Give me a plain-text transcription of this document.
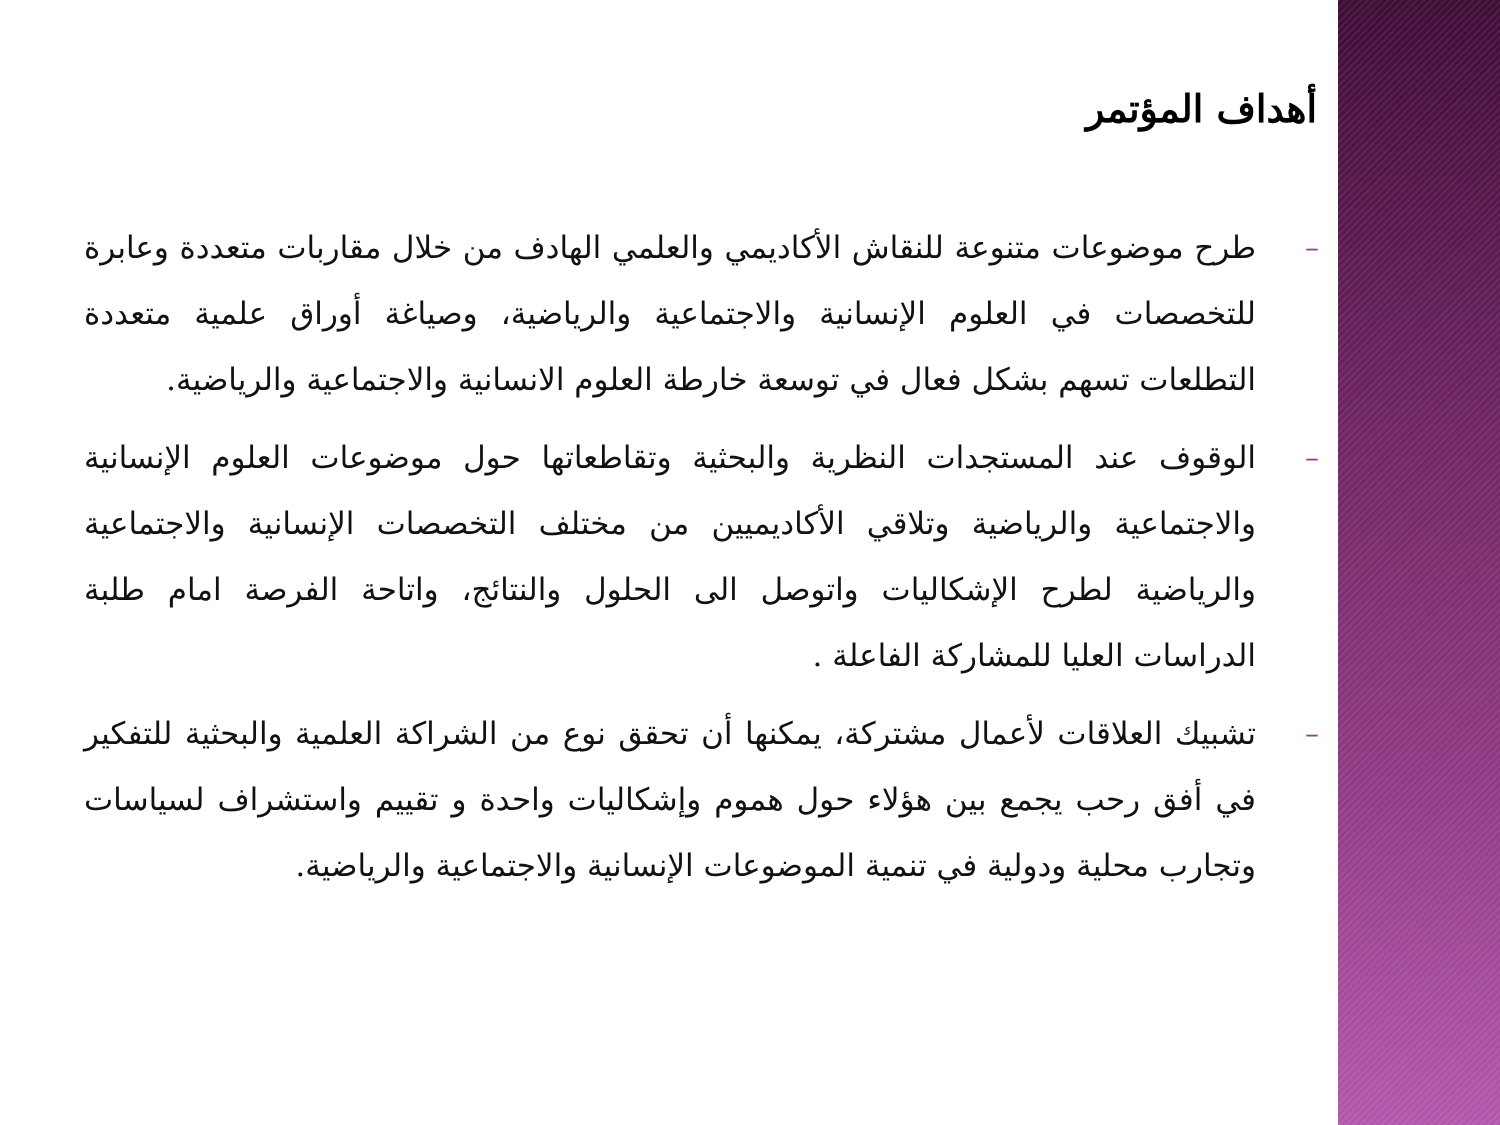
أهداف المؤتمر
–
طرح موضوعات متنوعة للنقاش الأكاديمي والعلمي الهادف من خلال مقاربات متعددة وعابرة للتخصصات في العلوم الإنسانية والاجتماعية والرياضية، وصياغة أوراق علمية متعددة التطلعات تسهم بشكل فعال في توسعة خارطة العلوم الانسانية والاجتماعية والرياضية.
–
الوقوف عند المستجدات النظرية والبحثية وتقاطعاتها حول موضوعات العلوم الإنسانية والاجتماعية والرياضية وتلاقي الأكاديميين من مختلف التخصصات الإنسانية والاجتماعية والرياضية لطرح الإشكاليات واتوصل الى الحلول والنتائج، واتاحة الفرصة امام طلبة الدراسات العليا للمشاركة الفاعلة .
–
تشبيك العلاقات لأعمال مشتركة، يمكنها أن تحقق نوع من الشراكة العلمية والبحثية للتفكير في أفق رحب يجمع بين هؤلاء حول هموم وإشكاليات واحدة و تقييم واستشراف لسياسات وتجارب محلية ودولية في تنمية الموضوعات الإنسانية والاجتماعية والرياضية.
